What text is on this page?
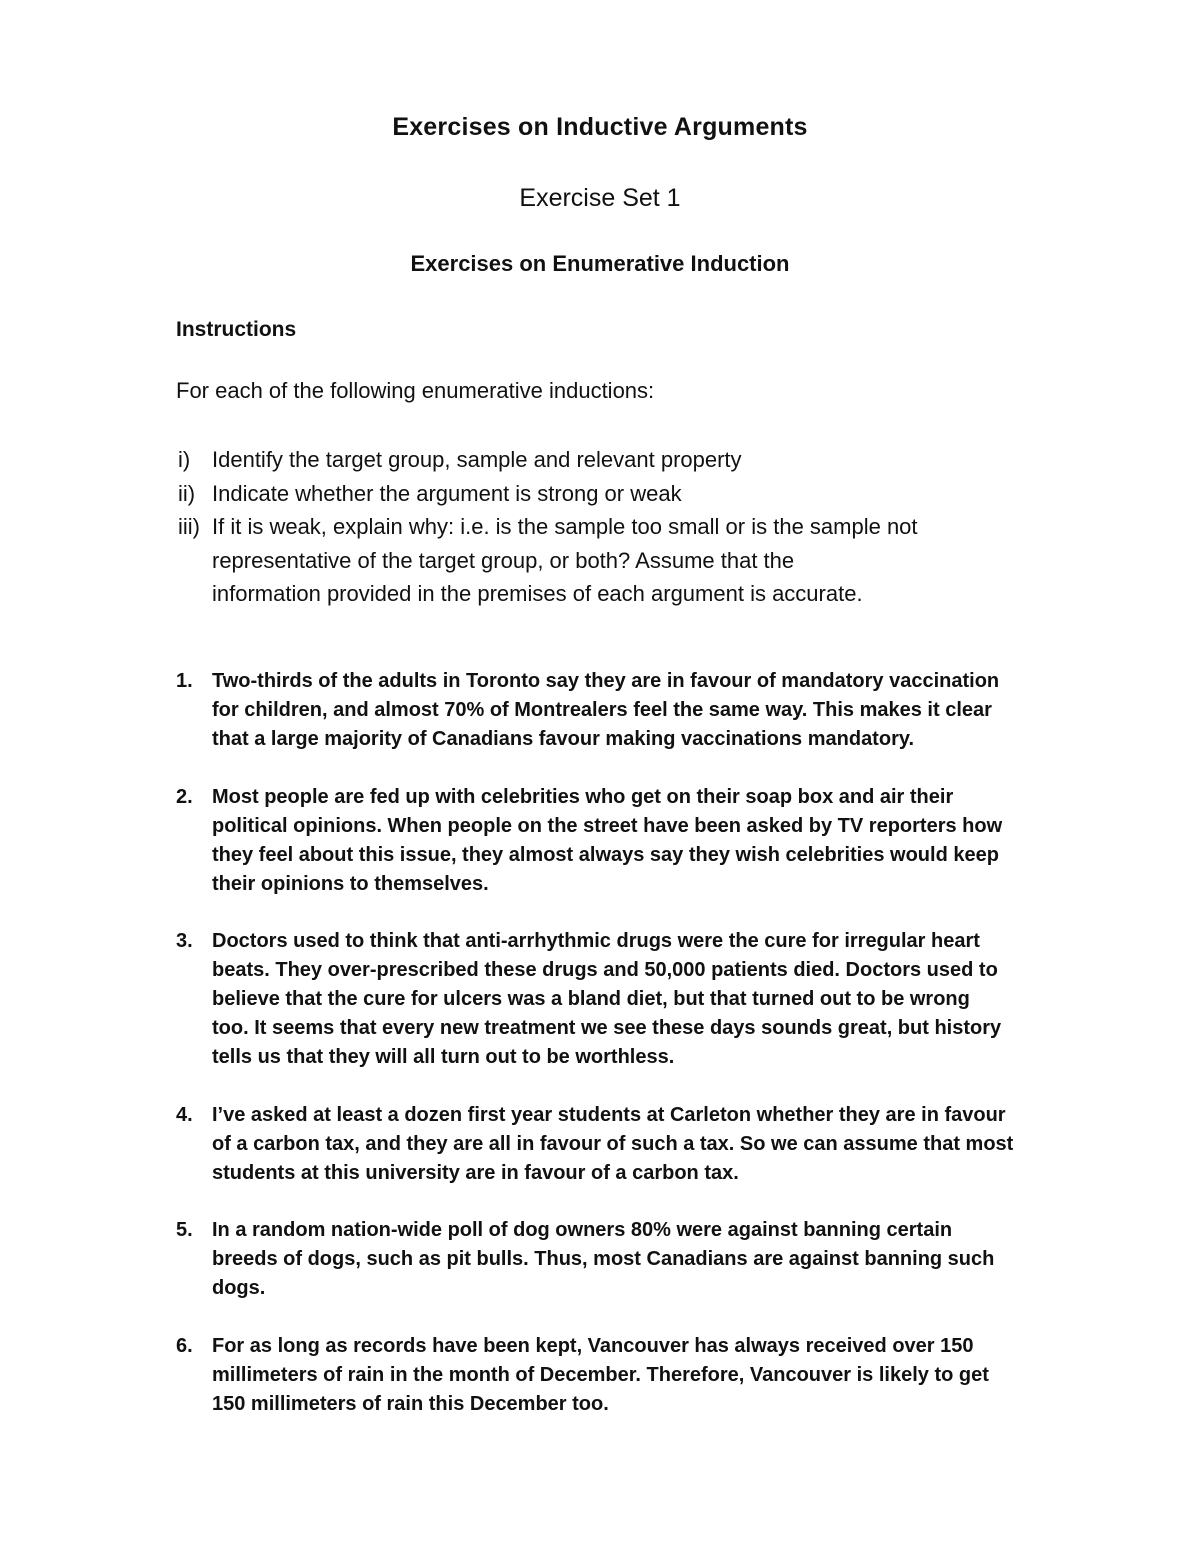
Exercises on Inductive Arguments
Exercise Set 1
Exercises on Enumerative Induction
Instructions
For each of the following enumerative inductions:
i) Identify the target group, sample and relevant property
ii) Indicate whether the argument is strong or weak
iii) If it is weak, explain why: i.e. is the sample too small or is the sample not
representative of the target group, or both? Assume that the
information provided in the premises of each argument is accurate.
1. Two-thirds of the adults in Toronto say they are in favour of mandatory vaccination
for children, and almost 70% of Montrealers feel the same way. This makes it clear
that a large majority of Canadians favour making vaccinations mandatory.
2. Most people are fed up with celebrities who get on their soap box and air their
political opinions. When people on the street have been asked by TV reporters how
they feel about this issue, they almost always say they wish celebrities would keep
their opinions to themselves.
3. Doctors used to think that anti-arrhythmic drugs were the cure for irregular heart
beats. They over-prescribed these drugs and 50,000 patients died. Doctors used to
believe that the cure for ulcers was a bland diet, but that turned out to be wrong
too. It seems that every new treatment we see these days sounds great, but history
tells us that they will all turn out to be worthless.
4. I’ve asked at least a dozen first year students at Carleton whether they are in favour
of a carbon tax, and they are all in favour of such a tax. So we can assume that most
students at this university are in favour of a carbon tax.
5. In a random nation-wide poll of dog owners 80% were against banning certain
breeds of dogs, such as pit bulls. Thus, most Canadians are against banning such
dogs.
6. For as long as records have been kept, Vancouver has always received over 150
millimeters of rain in the month of December. Therefore, Vancouver is likely to get
150 millimeters of rain this December too.
